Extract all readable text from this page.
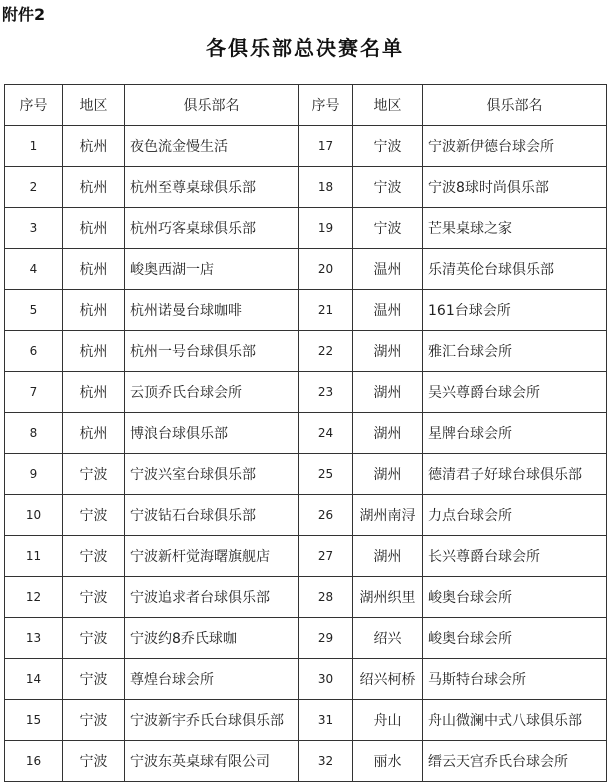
附件2
各俱乐部总决赛名单
序号	地区	俱乐部名	序号	地区	俱乐部名
1	杭州	夜色流金慢生活	17	宁波	宁波新伊德台球会所
2	杭州	杭州至尊桌球俱乐部	18	宁波	宁波8球时尚俱乐部
3	杭州	杭州巧客桌球俱乐部	19	宁波	芒果桌球之家
4	杭州	峻奥西湖一店	20	温州	乐清英伦台球俱乐部
5	杭州	杭州诺曼台球咖啡	21	温州	161台球会所
6	杭州	杭州一号台球俱乐部	22	湖州	雅汇台球会所
7	杭州	云顶乔氏台球会所	23	湖州	吴兴尊爵台球会所
8	杭州	博浪台球俱乐部	24	湖州	星牌台球会所
9	宁波	宁波兴室台球俱乐部	25	湖州	德清君子好球台球俱乐部
10	宁波	宁波钻石台球俱乐部	26	湖州南浔	力点台球会所
11	宁波	宁波新杆觉海曙旗舰店	27	湖州	长兴尊爵台球会所
12	宁波	宁波追求者台球俱乐部	28	湖州织里	峻奥台球会所
13	宁波	宁波约8乔氏球咖	29	绍兴	峻奥台球会所
14	宁波	尊煌台球会所	30	绍兴柯桥	马斯特台球会所
15	宁波	宁波新宇乔氏台球俱乐部	31	舟山	舟山微澜中式八球俱乐部
16	宁波	宁波东英桌球有限公司	32	丽水	缙云天宫乔氏台球会所
